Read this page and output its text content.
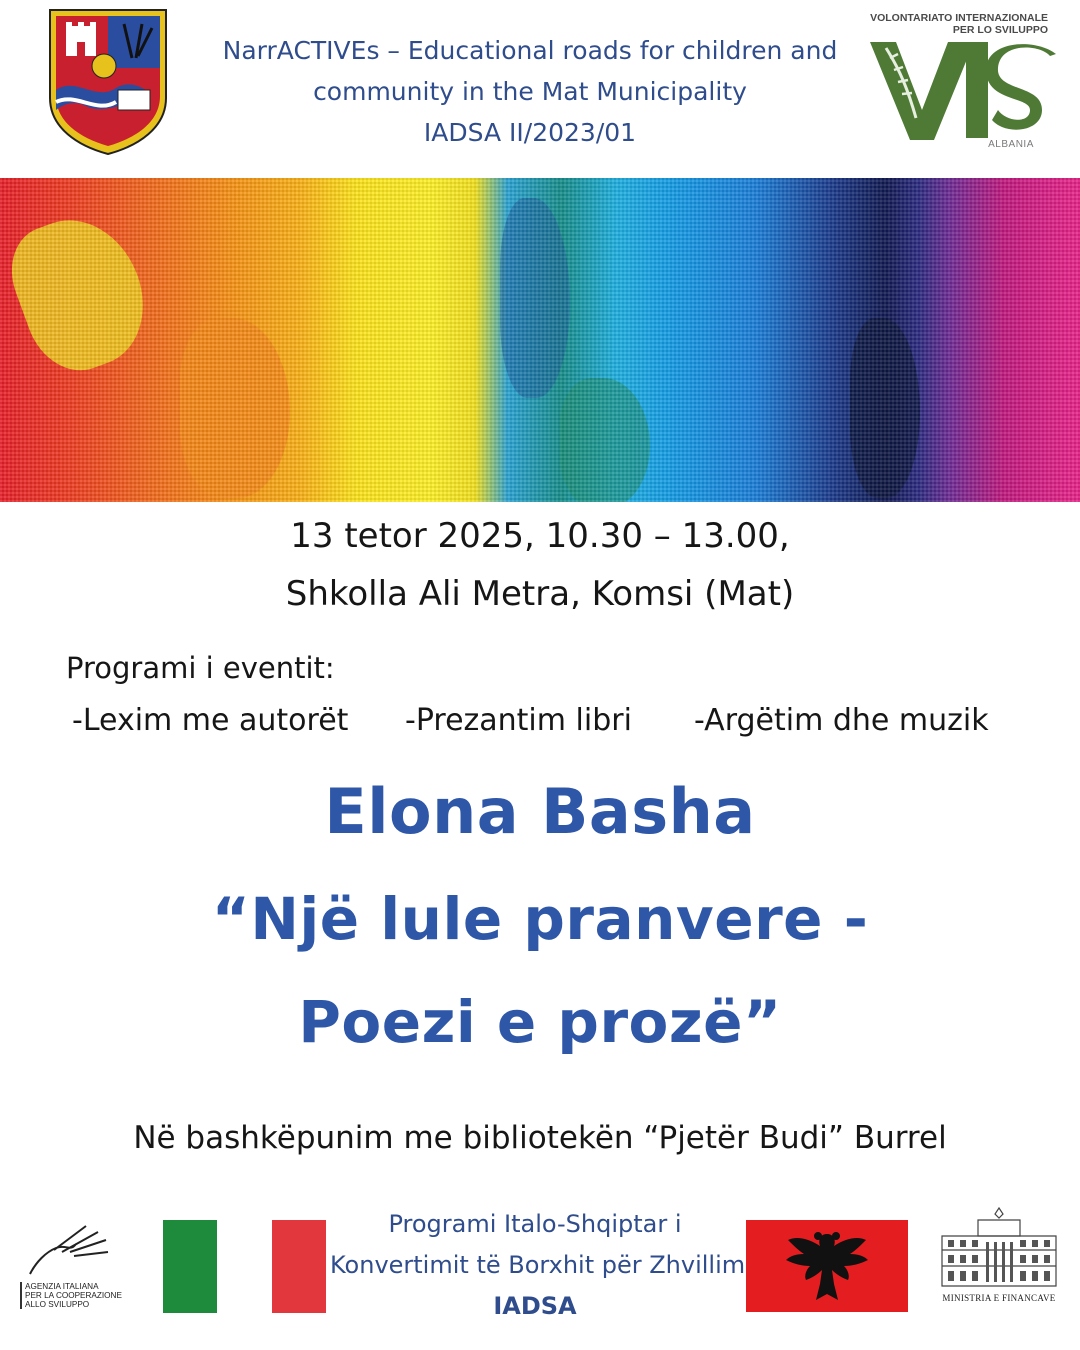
NarrACTIVEs – Educational roads for children and
community in the Mat Municipality
IADSA II/2023/01
VOLONTARIATO INTERNAZIONALE
PER LO SVILUPPO
ALBANIA
13 tetor 2025, 10.30 – 13.00,
Shkolla Ali Metra, Komsi (Mat)
Programi i eventit:
-Lexim me autorët -Prezantim libri -Argëtim dhe muzik
Elona Basha
“Një lule pranvere -
Poezi e prozë”
Në bashkëpunim me bibliotekën “Pjetër Budi” Burrel
AGENZIA ITALIANA
PER LA COOPERAZIONE
ALLO SVILUPPO
Programi Italo-Shqiptar i
Konvertimit të Borxhit për Zhvillim
IADSA	MINISTRIA E FINANCAVE
